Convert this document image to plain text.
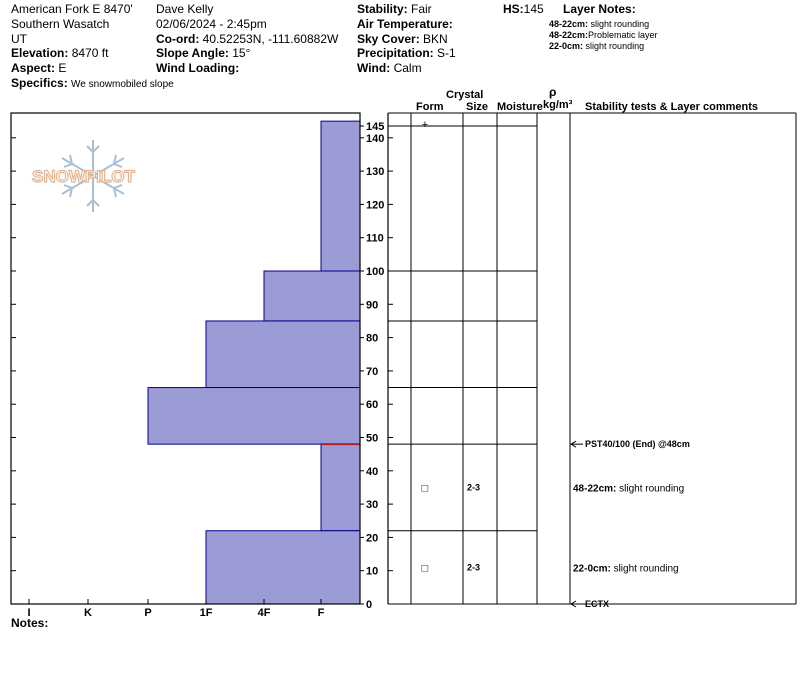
American Fork E 8470'
Southern Wasatch
UT
Elevation: 8470 ft
Aspect: E
Specifics: We snowmobiled slope
Dave Kelly
02/06/2024 - 2:45pm
Co-ord: 40.52253N, -111.60882W
Slope Angle: 15°
Wind Loading:
Stability: Fair
Air Temperature:
Sky Cover: BKN
Precipitation: S-1
Wind: Calm
HS:145 Layer Notes:
48-22cm: slight rounding
48-22cm:Problematic layer
22-0cm: slight rounding
Crystal
Form Size Moisture
ρ
kg/m³ Stability tests & Layer comments
SNOWPILOT
I	K	P	1F	4F	F
0
10
20
30
40
50
60
70
80
90
100
110
120
130
140
145	+
□	2-3
□	2-3
PST40/100 (End) @48cm
48-22cm: slight rounding
22-0cm: slight rounding
ECTX
Notes:
